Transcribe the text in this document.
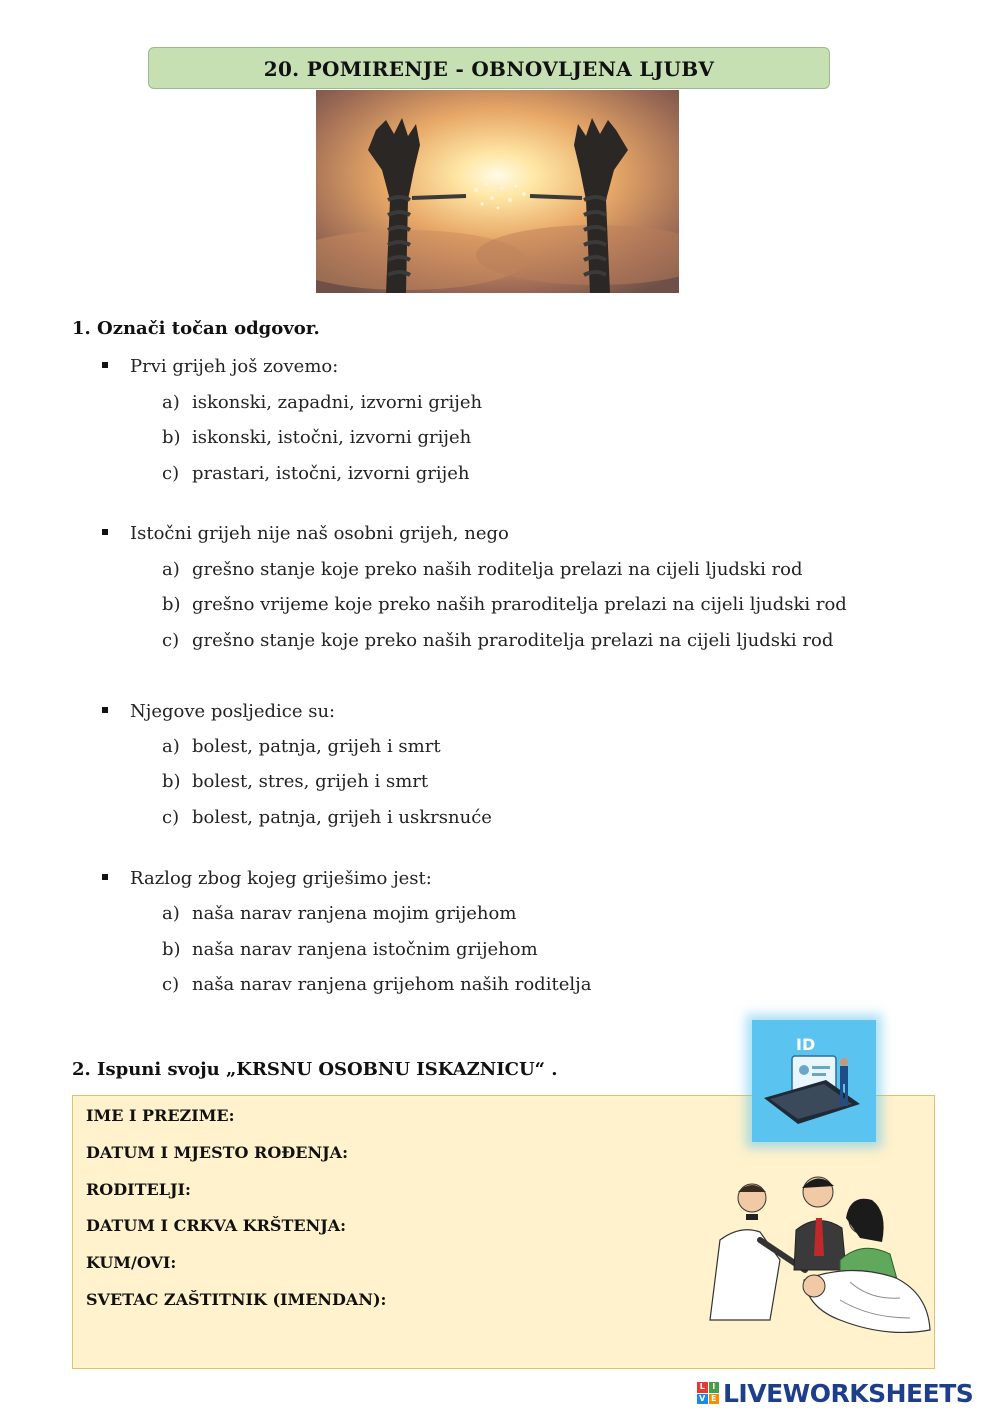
20. POMIRENJE - OBNOVLJENA LJUBV
1. Označi točan odgovor.
Prvi grijeh još zovemo:
a) iskonski, zapadni, izvorni grijeh
b) iskonski, istočni, izvorni grijeh
c) prastari, istočni, izvorni grijeh
Istočni grijeh nije naš osobni grijeh, nego
a) grešno stanje koje preko naših roditelja prelazi na cijeli ljudski rod
b) grešno vrijeme koje preko naših praroditelja prelazi na cijeli ljudski rod
c) grešno stanje koje preko naših praroditelja prelazi na cijeli ljudski rod
Njegove posljedice su:
a) bolest, patnja, grijeh i smrt
b) bolest, stres, grijeh i smrt
c) bolest, patnja, grijeh i uskrsnuće
Razlog zbog kojeg griješimo jest:
a) naša narav ranjena mojim grijehom
b) naša narav ranjena istočnim grijehom
c) naša narav ranjena grijehom naših roditelja
2. Ispuni svoju „KRSNU OSOBNU ISKAZNICU“ .
IME I PREZIME:
DATUM I MJESTO ROĐENJA:
RODITELJI:
DATUM I CRKVA KRŠTENJA:
KUM/OVI:
SVETAC ZAŠTITNIK (IMENDAN):
ID
L I
V E LIVEWORKSHEETS
